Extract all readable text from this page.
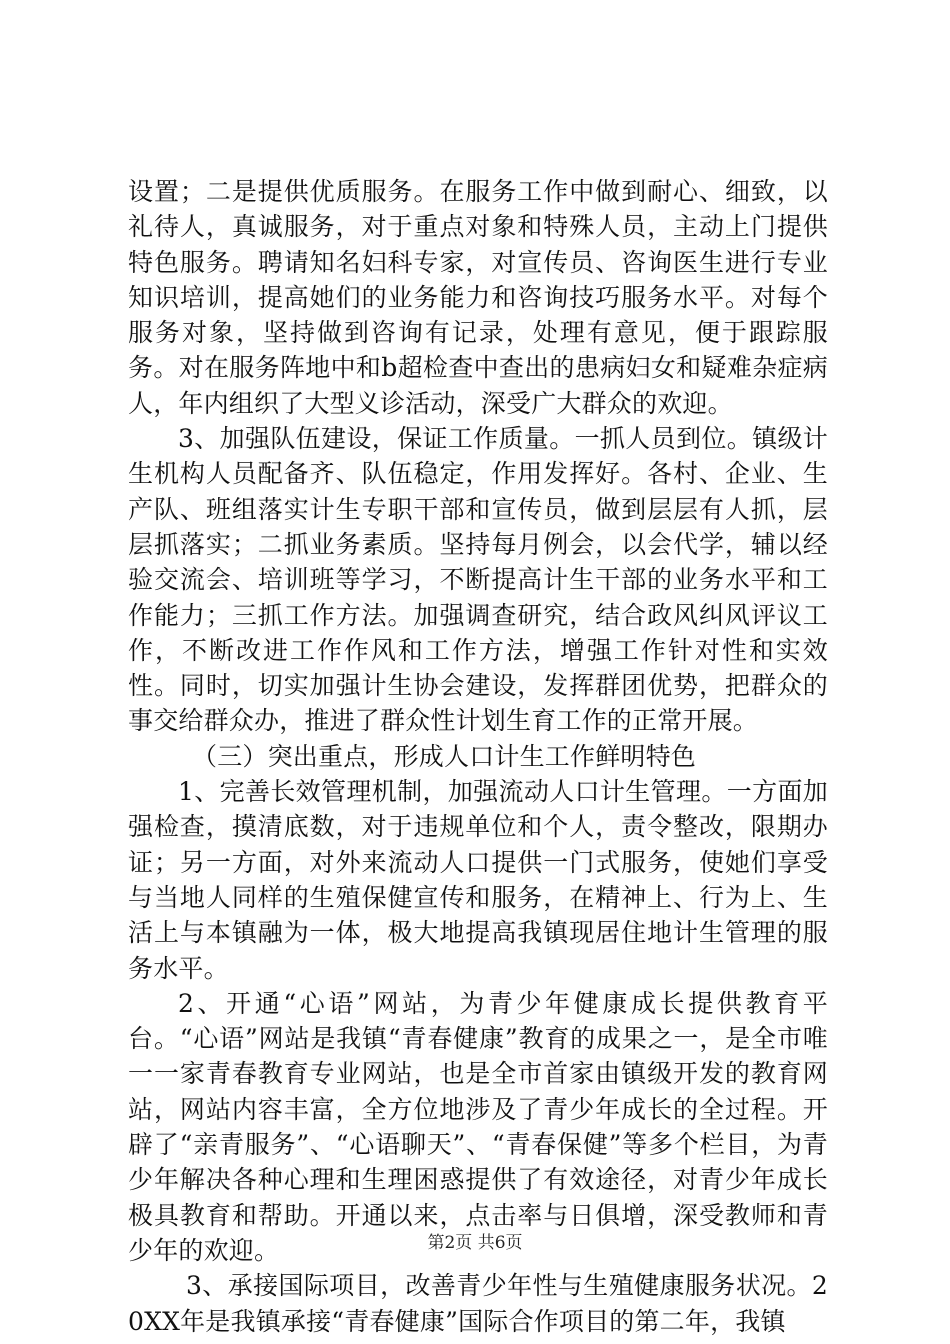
设置；二是提供优质服务。在服务工作中做到耐心、细致，以礼待人，真诚服务，对于重点对象和特殊人员，主动上门提供特色服务。聘请知名妇科专家，对宣传员、咨询医生进行专业知识培训，提高她们的业务能力和咨询技巧服务水平。对每个服务对象，坚持做到咨询有记录，处理有意见，便于跟踪服务。对在服务阵地中和b超检查中查出的患病妇女和疑难杂症病人，年内组织了大型义诊活动，深受广大群众的欢迎。

3、加强队伍建设，保证工作质量。一抓人员到位。镇级计生机构人员配备齐、队伍稳定，作用发挥好。各村、企业、生产队、班组落实计生专职干部和宣传员，做到层层有人抓，层层抓落实；二抓业务素质。坚持每月例会，以会代学，辅以经验交流会、培训班等学习，不断提高计生干部的业务水平和工作能力；三抓工作方法。加强调查研究，结合政风纠风评议工作，不断改进工作作风和工作方法，增强工作针对性和实效性。同时，切实加强计生协会建设，发挥群团优势，把群众的事交给群众办，推进了群众性计划生育工作的正常开展。

（三）突出重点，形成人口计生工作鲜明特色

1、完善长效管理机制，加强流动人口计生管理。一方面加强检查，摸清底数，对于违规单位和个人，责令整改，限期办证；另一方面，对外来流动人口提供一门式服务，使她们享受与当地人同样的生殖保健宣传和服务，在精神上、行为上、生活上与本镇融为一体，极大地提高我镇现居住地计生管理的服务水平。

2、开通“心语”网站，为青少年健康成长提供教育平台。“心语”网站是我镇“青春健康”教育的成果之一，是全市唯一一家青春教育专业网站，也是全市首家由镇级开发的教育网站，网站内容丰富，全方位地涉及了青少年成长的全过程。开辟了“亲青服务”、“心语聊天”、“青春保健”等多个栏目，为青少年解决各种心理和生理困惑提供了有效途径，对青少年成长极具教育和帮助。开通以来，点击率与日俱增，深受教师和青少年的欢迎。

3、承接国际项目，改善青少年性与生殖健康服务状况。20XX年是我镇承接“青春健康”国际合作项目的第二年，我镇

第2页 共6页
